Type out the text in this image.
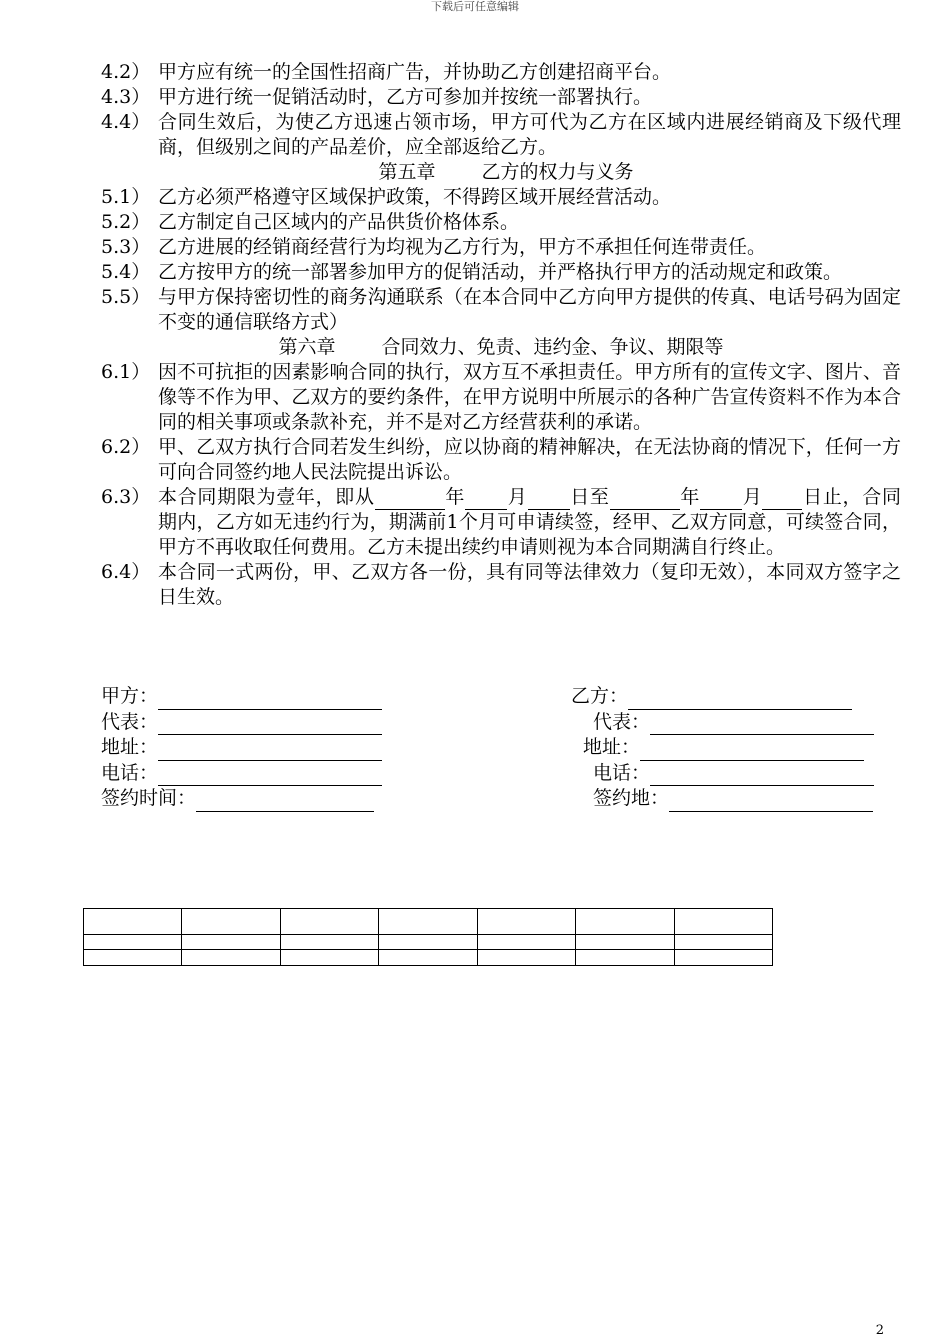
下载后可任意编辑
4.2） 甲方应有统一的全国性招商广告，并协助乙方创建招商平台。
4.3） 甲方进行统一促销活动时，乙方可参加并按统一部署执行。
4.4） 合同生效后，为使乙方迅速占领市场，甲方可代为乙方在区域内进展经销商及下级代理商，但级别之间的产品差价，应全部返给乙方。
第五章 乙方的权力与义务
5.1） 乙方必须严格遵守区域保护政策，不得跨区域开展经营活动。
5.2） 乙方制定自己区域内的产品供货价格体系。
5.3） 乙方进展的经销商经营行为均视为乙方行为，甲方不承担任何连带责任。
5.4） 乙方按甲方的统一部署参加甲方的促销活动，并严格执行甲方的活动规定和政策。
5.5） 与甲方保持密切性的商务沟通联系（在本合同中乙方向甲方提供的传真、电话号码为固定不变的通信联络方式）
第六章 合同效力、免责、违约金、争议、期限等
6.1） 因不可抗拒的因素影响合同的执行，双方互不承担责任。甲方所有的宣传文字、图片、音像等不作为甲、乙双方的要约条件，在甲方说明中所展示的各种广告宣传资料不作为本合同的相关事项或条款补充，并不是对乙方经营获利的承诺。
6.2） 甲、乙双方执行合同若发生纠纷，应以协商的精神解决，在无法协商的情况下，任何一方可向合同签约地人民法院提出诉讼。
6.3） 本合同期限为壹年，即从	年 月 日至	年 月 日止，合同期内，乙方如无违约行为，期满前1个月可申请续签，经甲、乙双方同意，可续签合同，甲方不再收取任何费用。乙方未提出续约申请则视为本合同期满自行终止。
6.4） 本合同一式两份，甲、乙双方各一份，具有同等法律效力（复印无效），本同双方签字之日生效。
甲方：	乙方：
代表：	代表：
地址：	地址：
电话：	电话：
签约时间：	签约地：

2
